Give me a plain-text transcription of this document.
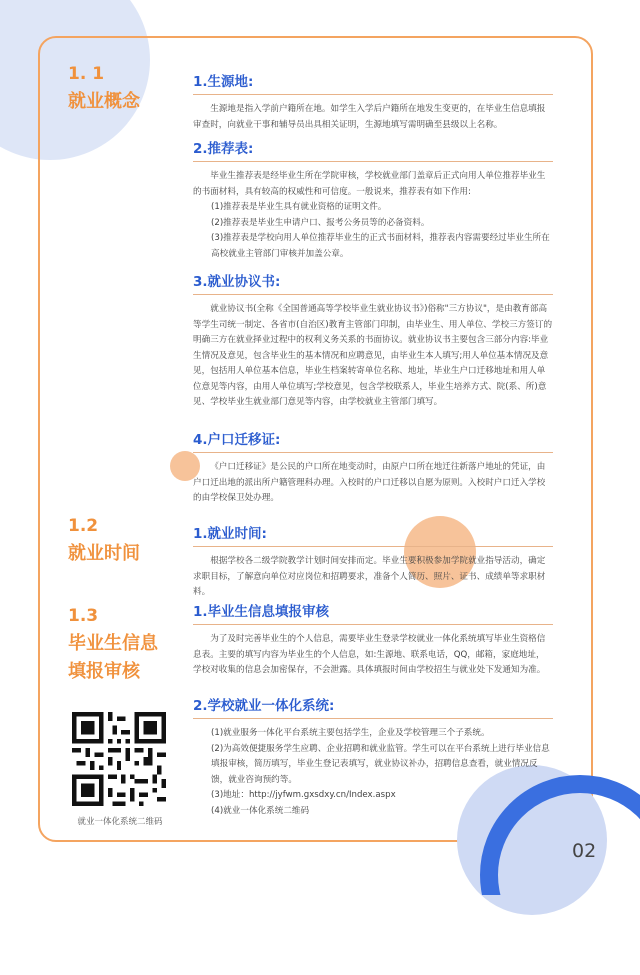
1. 1
就业概念
1.2
就业时间
1.3
毕业生信息
填报审核
1.生源地:

生源地是指入学前户籍所在地。如学生入学后户籍所在地发生变更的，在毕业生信息填报审查时，向就业干事和辅导员出具相关证明，生源地填写需明确至县级以上名称。

2.推荐表:

毕业生推荐表是经毕业生所在学院审核，学校就业部门盖章后正式向用人单位推荐毕业生的书面材料，具有较高的权威性和可信度。一般说来，推荐表有如下作用:

(1)推荐表是毕业生具有就业资格的证明文件。

(2)推荐表是毕业生申请户口、报考公务员等的必备资料。

(3)推荐表是学校向用人单位推荐毕业生的正式书面材料，推荐表内容需要经过毕业生所在高校就业主管部门审核并加盖公章。

3.就业协议书:

就业协议书(全称《全国普通高等学校毕业生就业协议书》)俗称"三方协议"，是由教育部高等学生司统一制定、各省市(自治区)教育主管部门印制，由毕业生、用人单位、学校三方签订的明确三方在就业择业过程中的权利义务关系的书面协议。就业协议书主要包含三部分内容:毕业生情况及意见，包含毕业生的基本情况和应聘意见，由毕业生本人填写;用人单位基本情况及意见，包括用人单位基本信息，毕业生档案转寄单位名称、地址，毕业生户口迁移地址和用人单位意见等内容，由用人单位填写;学校意见，包含学校联系人，毕业生培养方式、院(系、所)意见、学校毕业生就业部门意见等内容，由学校就业主管部门填写。

4.户口迁移证:

《户口迁移证》是公民的户口所在地变动时，由原户口所在地迁往新落户地址的凭证，由户口迁出地的派出所户籍管理科办理。入校时的户口迁移以自愿为原则。入校时户口迁入学校的由学校保卫处办理。

1.就业时间:

根据学校各二级学院教学计划时间安排而定。毕业生要积极参加学院就业指导活动，确定求职目标，了解意向单位对应岗位和招聘要求，准备个人简历、照片、证书、成绩单等求职材料。

1.毕业生信息填报审核

为了及时完善毕业生的个人信息，需要毕业生登录学校就业一体化系统填写毕业生资格信息表。主要的填写内容为毕业生的个人信息，如:生源地、联系电话，QQ，邮箱，家庭地址，学校对收集的信息会加密保存，不会泄露。具体填报时间由学校招生与就业处下发通知为准。

2.学校就业一体化系统:

(1)就业服务一体化平台系统主要包括学生，企业及学校管理三个子系统。

(2)为高效便捷服务学生应聘、企业招聘和就业监管。学生可以在平台系统上进行毕业信息填报审核，简历填写，毕业生登记表填写，就业协议补办，招聘信息查看，就业情况反馈，就业咨询预约等。

(3)地址：http://jyfwm.gxsdxy.cn/Index.aspx

(4)就业一体化系统二维码

就业一体化系统二维码
02
